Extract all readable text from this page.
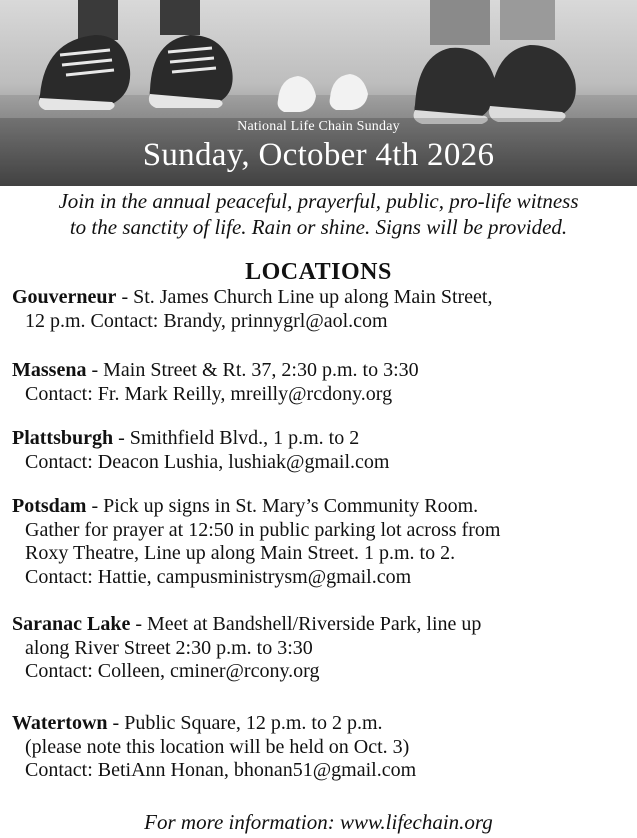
National Life Chain Sunday
Sunday, October 4th 2026
Join in the annual peaceful, prayerful, public, pro-life witness
to the sanctity of life. Rain or shine. Signs will be provided.
LOCATIONS
Gouverneur - St. James Church Line up along Main Street,
12 p.m. Contact: Brandy, prinnygrl@aol.com
Massena - Main Street & Rt. 37, 2:30 p.m. to 3:30
Contact: Fr. Mark Reilly, mreilly@rcdony.org
Plattsburgh - Smithfield Blvd., 1 p.m. to 2
Contact: Deacon Lushia, lushiak@gmail.com
Potsdam - Pick up signs in St. Mary’s Community Room.
Gather for prayer at 12:50 in public parking lot across from
Roxy Theatre, Line up along Main Street. 1 p.m. to 2.
Contact: Hattie, campusministrysm@gmail.com
Saranac Lake - Meet at Bandshell/Riverside Park, line up
along River Street 2:30 p.m. to 3:30
Contact: Colleen, cminer@rcony.org
Watertown - Public Square, 12 p.m. to 2 p.m.
(please note this location will be held on Oct. 3)
Contact: BetiAnn Honan, bhonan51@gmail.com
For more information: www.lifechain.org
